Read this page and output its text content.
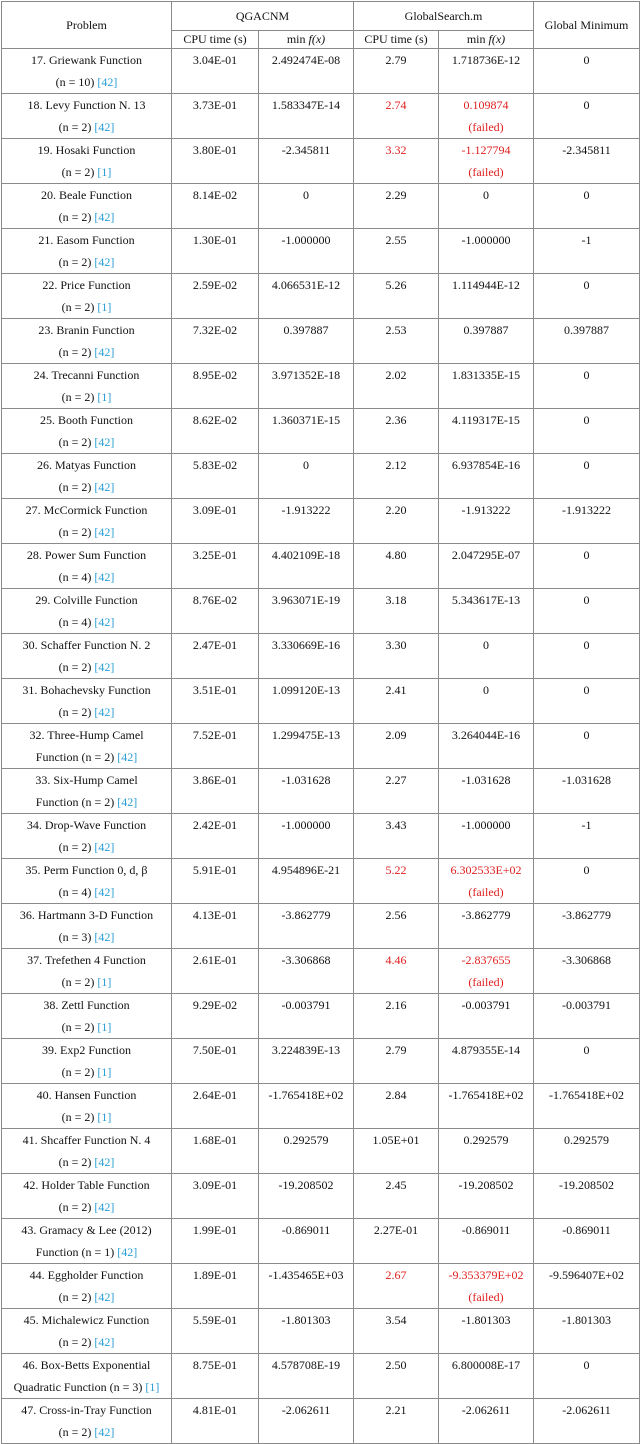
Problem	QGACNM		GlobalSearch.m		Global Minimum
	CPU time (s)	min f(x)	CPU time (s)	min f(x)	
17. Griewank Function
(n = 10) [42]	3.04E-01	2.492474E-08	2.79	1.718736E-12	0
18. Levy Function N. 13
(n = 2) [42]	3.73E-01	1.583347E-14	2.74	0.109874
(failed)	0
19. Hosaki Function
(n = 2) [1]	3.80E-01	-2.345811	3.32	-1.127794
(failed)	-2.345811
20. Beale Function
(n = 2) [42]	8.14E-02	0	2.29	0	0
21. Easom Function
(n = 2) [42]	1.30E-01	-1.000000	2.55	-1.000000	-1
22. Price Function
(n = 2) [1]	2.59E-02	4.066531E-12	5.26	1.114944E-12	0
23. Branin Function
(n = 2) [42]	7.32E-02	0.397887	2.53	0.397887	0.397887
24. Trecanni Function
(n = 2) [1]	8.95E-02	3.971352E-18	2.02	1.831335E-15	0
25. Booth Function
(n = 2) [42]	8.62E-02	1.360371E-15	2.36	4.119317E-15	0
26. Matyas Function
(n = 2) [42]	5.83E-02	0	2.12	6.937854E-16	0
27. McCormick Function
(n = 2) [42]	3.09E-01	-1.913222	2.20	-1.913222	-1.913222
28. Power Sum Function
(n = 4) [42]	3.25E-01	4.402109E-18	4.80	2.047295E-07	0
29. Colville Function
(n = 4) [42]	8.76E-02	3.963071E-19	3.18	5.343617E-13	0
30. Schaffer Function N. 2
(n = 2) [42]	2.47E-01	3.330669E-16	3.30	0	0
31. Bohachevsky Function
(n = 2) [42]	3.51E-01	1.099120E-13	2.41	0	0
32. Three-Hump Camel
Function (n = 2) [42]	7.52E-01	1.299475E-13	2.09	3.264044E-16	0
33. Six-Hump Camel
Function (n = 2) [42]	3.86E-01	-1.031628	2.27	-1.031628	-1.031628
34. Drop-Wave Function
(n = 2) [42]	2.42E-01	-1.000000	3.43	-1.000000	-1
35. Perm Function 0, d, β
(n = 4) [42]	5.91E-01	4.954896E-21	5.22	6.302533E+02
(failed)	0
36. Hartmann 3-D Function
(n = 3) [42]	4.13E-01	-3.862779	2.56	-3.862779	-3.862779
37. Trefethen 4 Function
(n = 2) [1]	2.61E-01	-3.306868	4.46	-2.837655
(failed)	-3.306868
38. Zettl Function
(n = 2) [1]	9.29E-02	-0.003791	2.16	-0.003791	-0.003791
39. Exp2 Function
(n = 2) [1]	7.50E-01	3.224839E-13	2.79	4.879355E-14	0
40. Hansen Function
(n = 2) [1]	2.64E-01	-1.765418E+02	2.84	-1.765418E+02	-1.765418E+02
41. Shcaffer Function N. 4
(n = 2) [42]	1.68E-01	0.292579	1.05E+01	0.292579	0.292579
42. Holder Table Function
(n = 2) [42]	3.09E-01	-19.208502	2.45	-19.208502	-19.208502
43. Gramacy & Lee (2012)
Function (n = 1) [42]	1.99E-01	-0.869011	2.27E-01	-0.869011	-0.869011
44. Eggholder Function
(n = 2) [42]	1.89E-01	-1.435465E+03	2.67	-9.353379E+02
(failed)	-9.596407E+02
45. Michalewicz Function
(n = 2) [42]	5.59E-01	-1.801303	3.54	-1.801303	-1.801303
46. Box-Betts Exponential
Quadratic Function (n = 3) [1]	8.75E-01	4.578708E-19	2.50	6.800008E-17	0
47. Cross-in-Tray Function
(n = 2) [42]	4.81E-01	-2.062611	2.21	-2.062611	-2.062611
